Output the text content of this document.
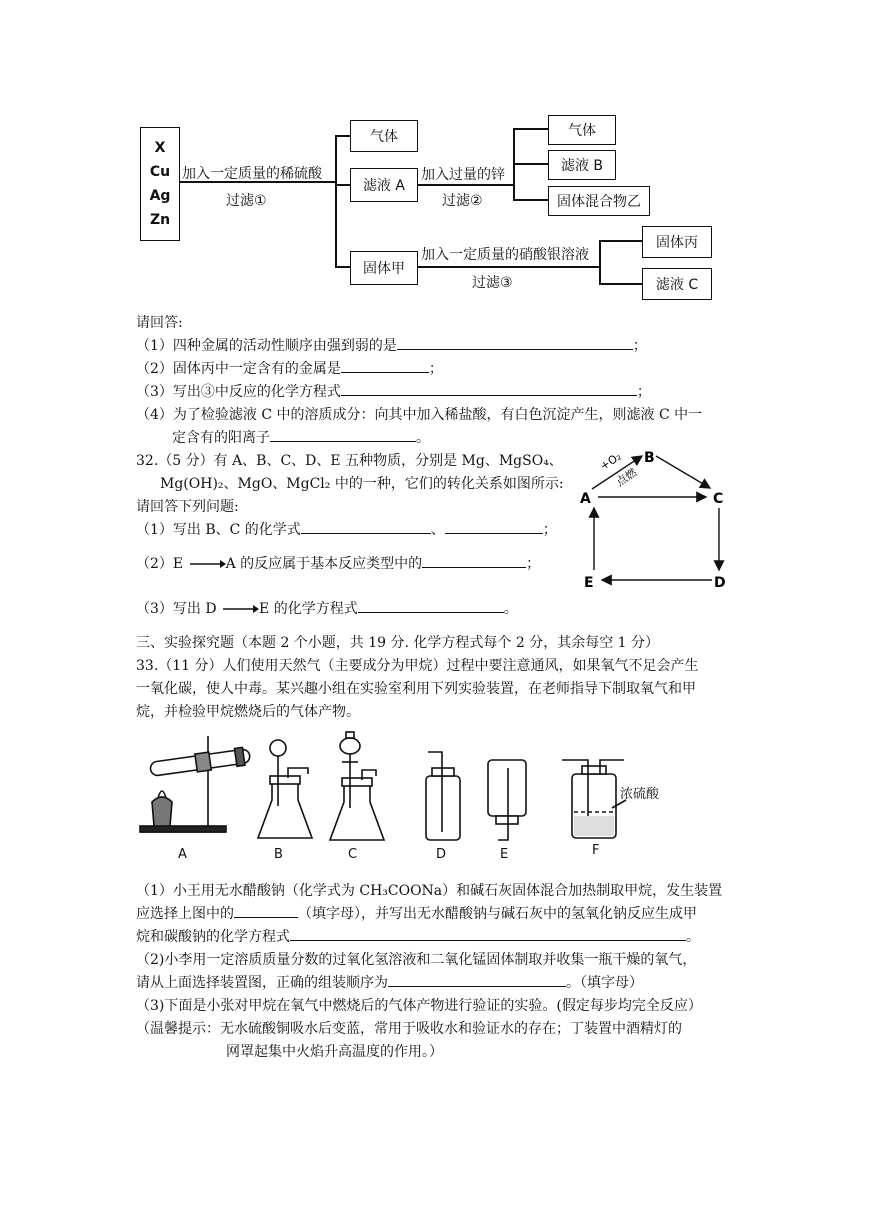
X
Cu
Ag
Zn
加入一定质量的稀硫酸
过滤①
气体
滤液 A
固体甲
加入过量的锌
过滤②
气体
滤液 B
固体混合物乙
加入一定质量的硝酸银溶液
过滤③
固体丙
滤液 C
请回答:
（1）四种金属的活动性顺序由强到弱的是	；
（2）固体丙中一定含有的金属是	；
（3）写出③中反应的化学方程式	；
（4）为了检验滤液 C 中的溶质成分：向其中加入稀盐酸，有白色沉淀产生，则滤液 C 中一
定含有的阳离子	。
32.（5 分）有 A、B、C、D、E 五种物质，分别是 Mg、MgSO₄、
Mg(OH)₂、MgO、MgCl₂ 中的一种，它们的转化关系如图所示:
请回答下列问题:
（1）写出 B、C 的化学式	、	；
（2）E	A 的反应属于基本反应类型中的	；
（3）写出 D	E 的化学方程式	。
A
B
C
D
E
+O₂
点燃
三、实验探究题（本题 2 个小题，共 19 分. 化学方程式每个 2 分，其余每空 1 分）
33.（11 分）人们使用天然气（主要成分为甲烷）过程中要注意通风，如果氧气不足会产生
一氧化碳，使人中毒。某兴趣小组在实验室利用下列实验装置，在老师指导下制取氧气和甲
烷，并检验甲烷燃烧后的气体产物。
A	B	C	D	E	F
浓硫酸
（1）小王用无水醋酸钠（化学式为 CH₃COONa）和碱石灰固体混合加热制取甲烷，发生装置
应选择上图中的	（填字母），并写出无水醋酸钠与碱石灰中的氢氧化钠反应生成甲
烷和碳酸钠的化学方程式	。
（2)小李用一定溶质质量分数的过氧化氢溶液和二氧化锰固体制取并收集一瓶干燥的氧气，
请从上面选择装置图，正确的组装顺序为	。（填字母）
（3)下面是小张对甲烷在氧气中燃烧后的气体产物进行验证的实验。(假定每步均完全反应）
（温馨提示：无水硫酸铜吸水后变蓝，常用于吸收水和验证水的存在；丁装置中酒精灯的
网罩起集中火焰升高温度的作用。）
